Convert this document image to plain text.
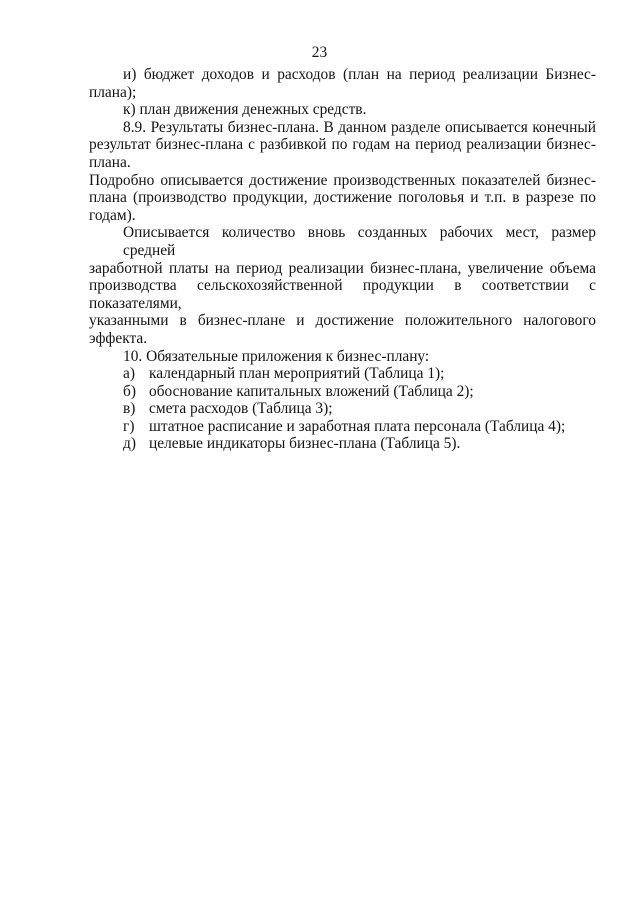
23

и) бюджет доходов и расходов (план на период реализации Бизнес-плана);

к) план движения денежных средств.

8.9. Результаты бизнес-плана. В данном разделе описывается конечный
результат бизнес-плана с разбивкой по годам на период реализации бизнес-
плана.
Подробно описывается достижение производственных показателей бизнес-
плана (производство продукции, достижение поголовья и т.п. в разрезе по
годам).
Описывается количество вновь созданных рабочих мест, размер средней
заработной платы на период реализации бизнес-плана, увеличение объема
производства сельскохозяйственной продукции в соответствии с показателями,
указанными в бизнес-плане и достижение положительного налогового эффекта.

10. Обязательные приложения к бизнес-плану:

а) календарный план мероприятий (Таблица 1);
б) обоснование капитальных вложений (Таблица 2);
в) смета расходов (Таблица 3);
г) штатное расписание и заработная плата персонала (Таблица 4);
д) целевые индикаторы бизнес-плана (Таблица 5).
